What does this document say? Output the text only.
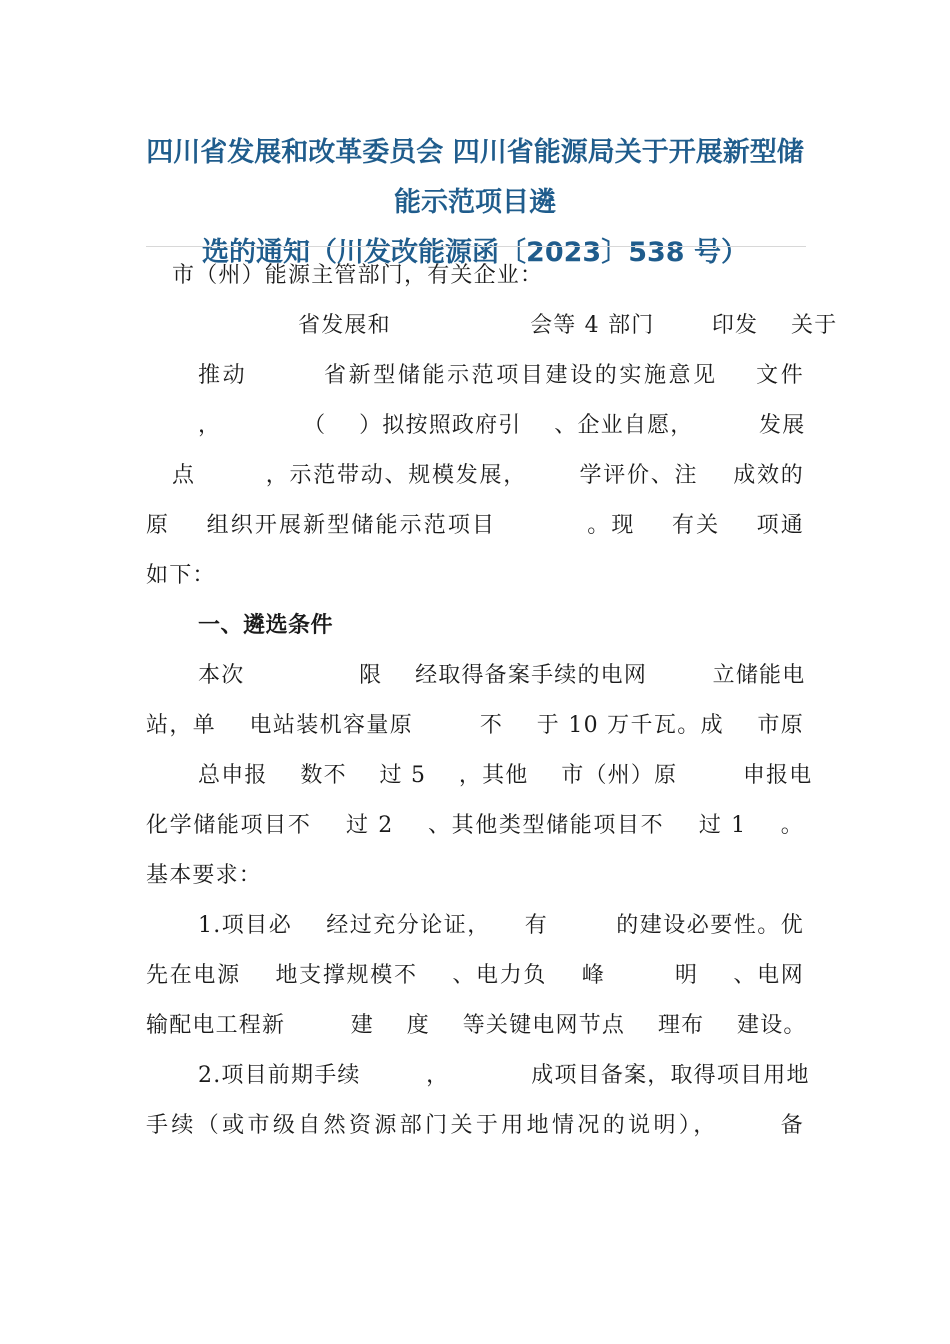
四川省发展和改革委员会 四川省能源局关于开展新型储能示范项目遴
选的通知（川发改能源函〔2023〕538 号）
市（州）能源主管部门，有关企业：
省发展和                 会等 4 部门       印发    关于
推动        省新型储能示范项目建设的实施意见    文件
，          （    ）拟按照政府引    、企业自愿，        发展
点        ，示范带动、规模发展，      学评价、注    成效的
原    组织开展新型储能示范项目          。现    有关    项通
如下：
一、遴选条件
本次              限    经取得备案手续的电网        立储能电
站，单    电站装机容量原        不    于 10 万千瓦。成    市原
总申报    数不    过 5    ，其他    市（州）原        申报电
化学储能项目不    过 2    、其他类型储能项目不    过 1    。
基本要求：
1.项目必    经过充分论证，    有        的建设必要性。优
先在电源    地支撑规模不    、电力负    峰        明    、电网
输配电工程新        建    度    等关键电网节点    理布    建设。
2.项目前期手续        ，          成项目备案，取得项目用地
手续（或市级自然资源部门关于用地情况的说明），      备
